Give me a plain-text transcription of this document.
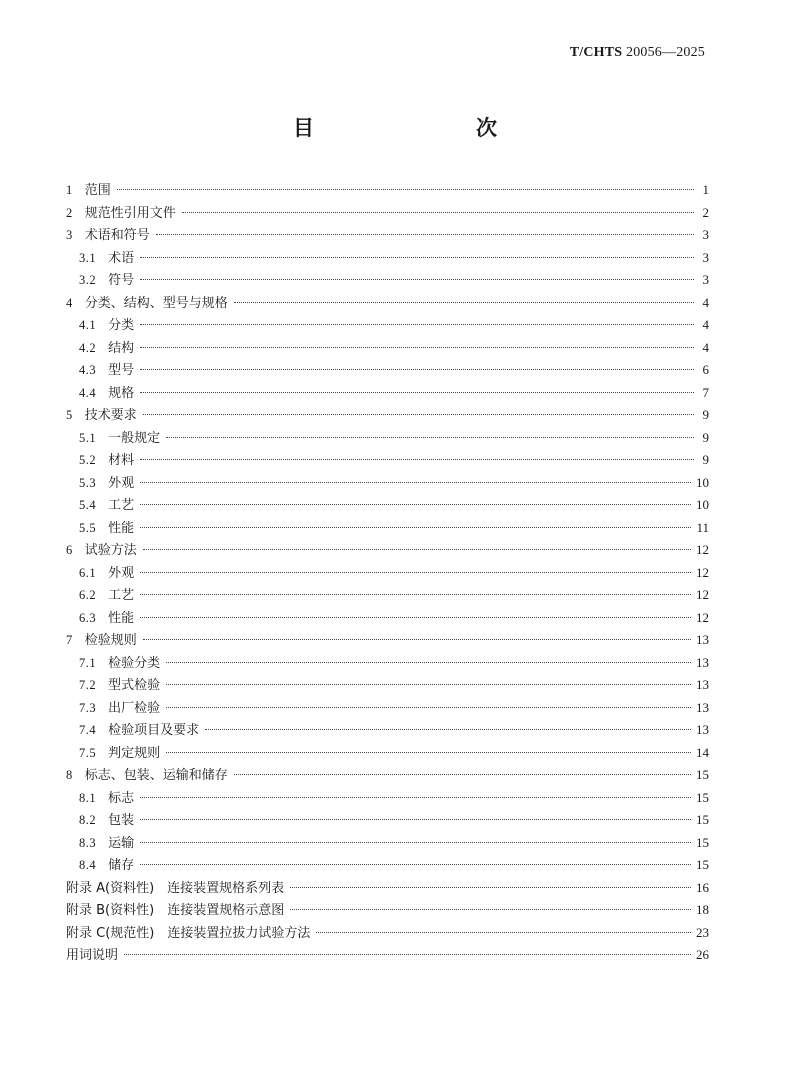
T/CHTS 20056—2025
目　　次
1 范围	1
2 规范性引用文件	2
3 术语和符号	3
3.1 术语	3
3.2 符号	3
4 分类、结构、型号与规格	4
4.1 分类	4
4.2 结构	4
4.3 型号	6
4.4 规格	7
5 技术要求	9
5.1 一般规定	9
5.2 材料	9
5.3 外观	10
5.4 工艺	10
5.5 性能	11
6 试验方法	12
6.1 外观	12
6.2 工艺	12
6.3 性能	12
7 检验规则	13
7.1 检验分类	13
7.2 型式检验	13
7.3 出厂检验	13
7.4 检验项目及要求	13
7.5 判定规则	14
8 标志、包装、运输和储存	15
8.1 标志	15
8.2 包装	15
8.3 运输	15
8.4 储存	15
附录 A(资料性)　连接装置规格系列表	16
附录 B(资料性)　连接装置规格示意图	18
附录 C(规范性)　连接装置拉拔力试验方法	23
用词说明	26
